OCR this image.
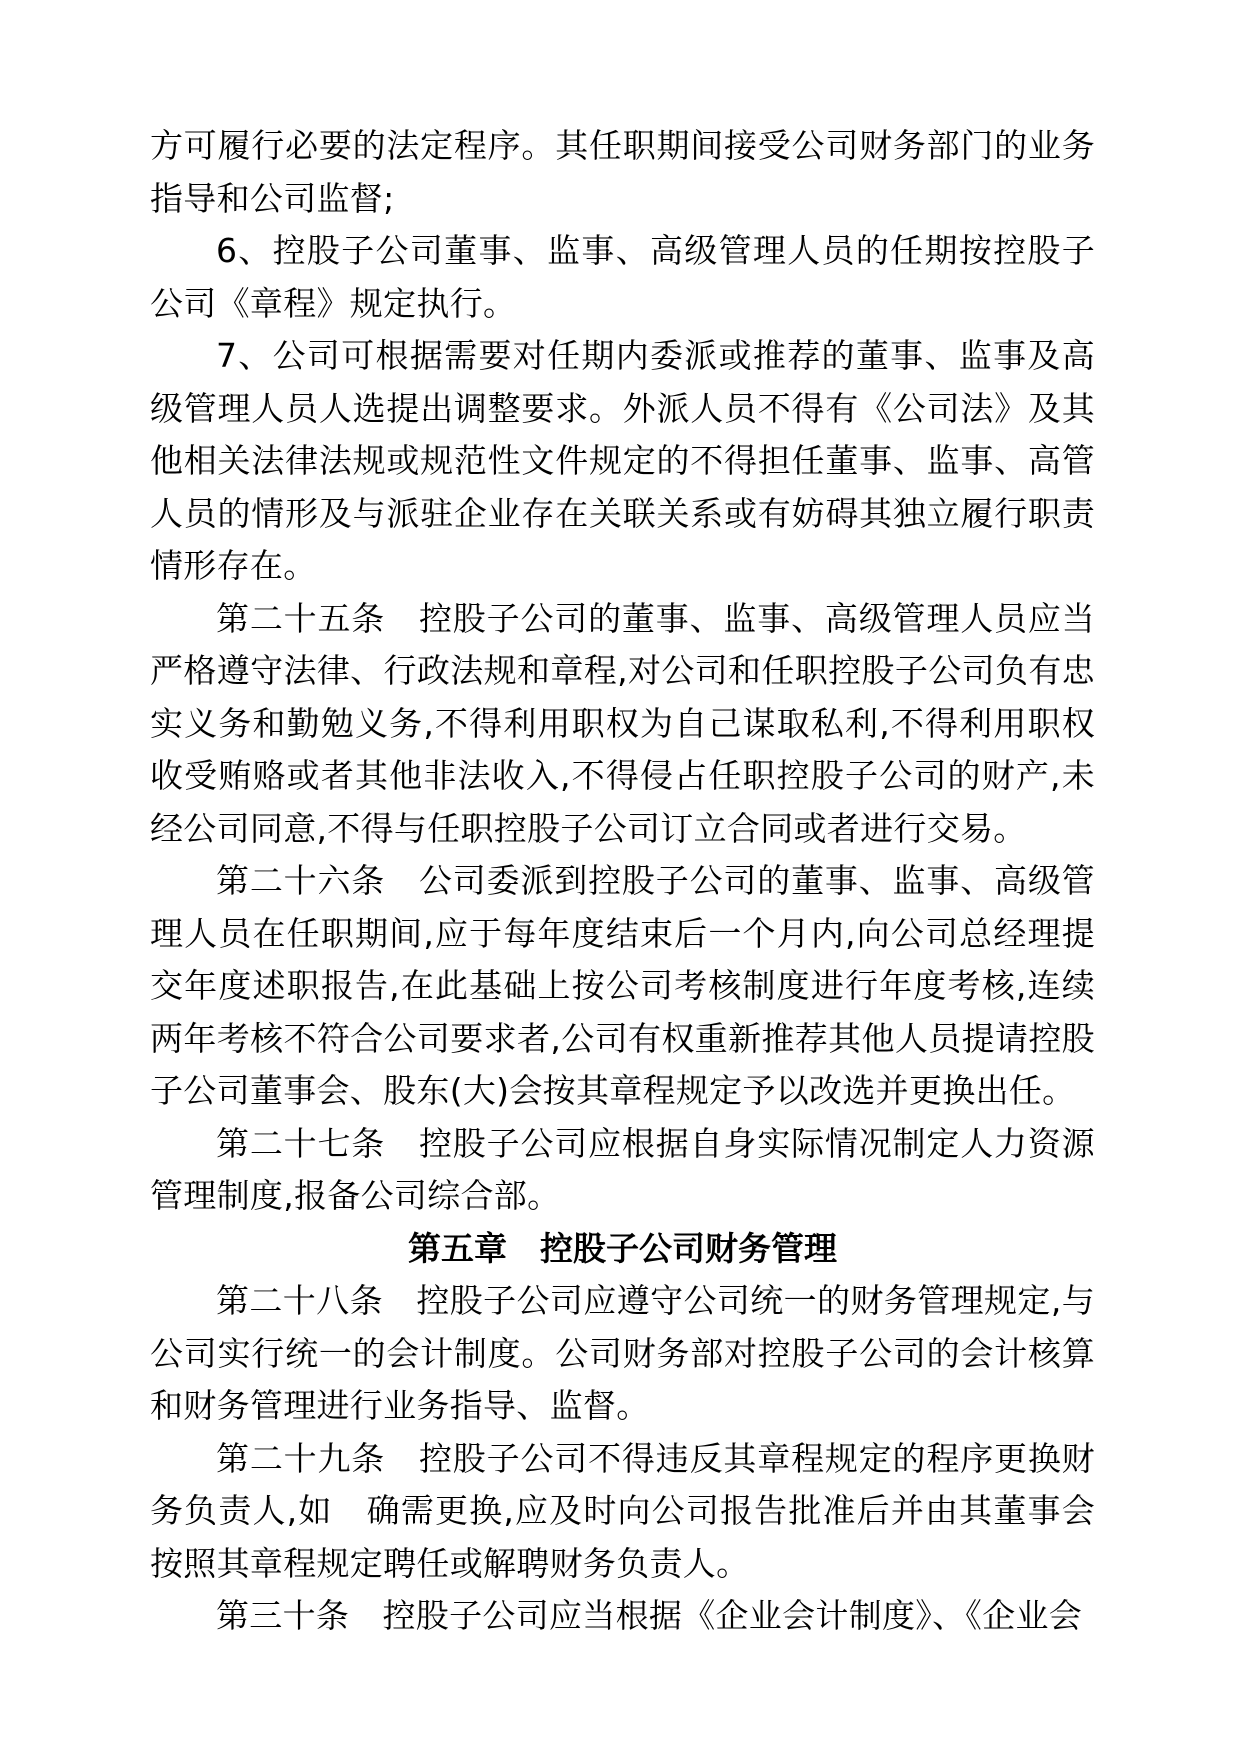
方可履行必要的法定程序。其任职期间接受公司财务部门的业务指导和公司监督;

6、控股子公司董事、监事、高级管理人员的任期按控股子公司《章程》规定执行。

7、公司可根据需要对任期内委派或推荐的董事、监事及高级管理人员人选提出调整要求。外派人员不得有《公司法》及其他相关法律法规或规范性文件规定的不得担任董事、监事、高管人员的情形及与派驻企业存在关联关系或有妨碍其独立履行职责情形存在。

第二十五条　控股子公司的董事、监事、高级管理人员应当严格遵守法律、行政法规和章程,对公司和任职控股子公司负有忠实义务和勤勉义务,不得利用职权为自己谋取私利,不得利用职权收受贿赂或者其他非法收入,不得侵占任职控股子公司的财产,未经公司同意,不得与任职控股子公司订立合同或者进行交易。

第二十六条　公司委派到控股子公司的董事、监事、高级管理人员在任职期间,应于每年度结束后一个月内,向公司总经理提交年度述职报告,在此基础上按公司考核制度进行年度考核,连续两年考核不符合公司要求者,公司有权重新推荐其他人员提请控股子公司董事会、股东(大)会按其章程规定予以改选并更换出任。

第二十七条　控股子公司应根据自身实际情况制定人力资源管理制度,报备公司综合部。

第五章　控股子公司财务管理

第二十八条　控股子公司应遵守公司统一的财务管理规定,与公司实行统一的会计制度。公司财务部对控股子公司的会计核算和财务管理进行业务指导、监督。

第二十九条　控股子公司不得违反其章程规定的程序更换财务负责人,如　确需更换,应及时向公司报告批准后并由其董事会按照其章程规定聘任或解聘财务负责人。

第三十条　控股子公司应当根据《企业会计制度》、《企业会
